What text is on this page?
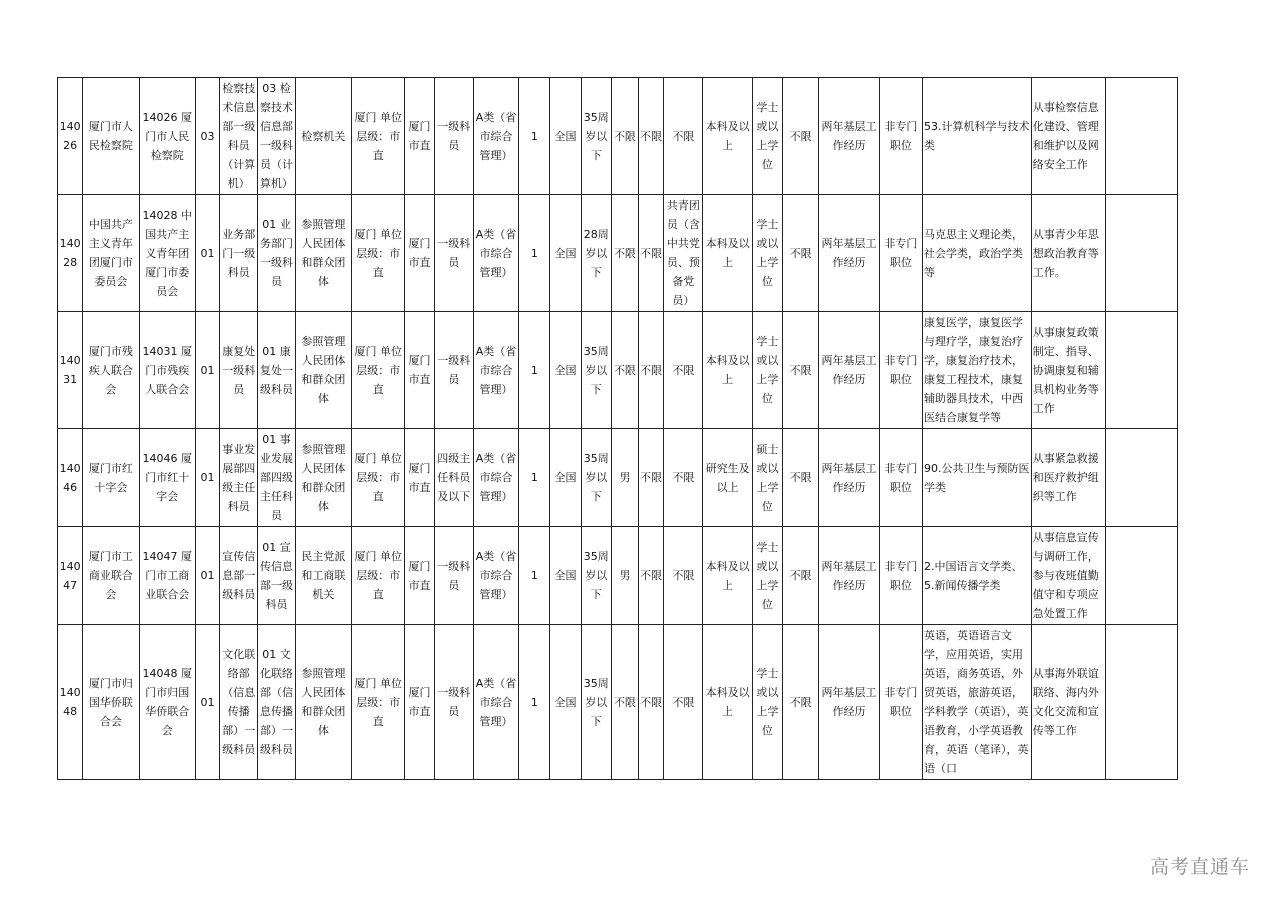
14026	厦门市人民检察院	14026 厦门市人民检察院	03	检察技术信息部一级科员（计算机）	03 检察技术信息部一级科员（计算机）	检察机关	厦门 单位层级：市直	厦门市直	一级科员	A类（省市综合管理）	1	全国	35周岁以下	不限	不限	不限	本科及以上	学士或以上学位	不限	两年基层工作经历	非专门职位	53.计算机科学与技术类	从事检察信息化建设、管理和维护以及网络安全工作	
14028	中国共产主义青年团厦门市委员会	14028 中国共产主义青年团厦门市委员会	01	业务部门一级科员	01 业务部门一级科员	参照管理人民团体和群众团体	厦门 单位层级：市直	厦门市直	一级科员	A类（省市综合管理）	1	全国	28周岁以下	不限	不限	共青团员（含中共党员、预备党员）	本科及以上	学士或以上学位	不限	两年基层工作经历	非专门职位	马克思主义理论类，社会学类，政治学类等	从事青少年思想政治教育等工作。	
14031	厦门市残疾人联合会	14031 厦门市残疾人联合会	01	康复处一级科员	01 康复处一级科员	参照管理人民团体和群众团体	厦门 单位层级：市直	厦门市直	一级科员	A类（省市综合管理）	1	全国	35周岁以下	不限	不限	不限	本科及以上	学士或以上学位	不限	两年基层工作经历	非专门职位	康复医学，康复医学与理疗学，康复治疗学，康复治疗技术，康复工程技术，康复辅助器具技术，中西医结合康复学等	从事康复政策制定、指导、协调康复和辅具机构业务等工作	
14046	厦门市红十字会	14046 厦门市红十字会	01	事业发展部四级主任科员	01 事业发展部四级主任科员	参照管理人民团体和群众团体	厦门 单位层级：市直	厦门市直	四级主任科员及以下	A类（省市综合管理）	1	全国	35周岁以下	男	不限	不限	研究生及以上	硕士或以上学位	不限	两年基层工作经历	非专门职位	90.公共卫生与预防医学类	从事紧急救援和医疗救护组织等工作	
14047	厦门市工商业联合会	14047 厦门市工商业联合会	01	宣传信息部一级科员	01 宣传信息部一级科员	民主党派和工商联机关	厦门 单位层级：市直	厦门市直	一级科员	A类（省市综合管理）	1	全国	35周岁以下	男	不限	不限	本科及以上	学士或以上学位	不限	两年基层工作经历	非专门职位	2.中国语言文学类、5.新闻传播学类	从事信息宣传与调研工作，参与夜班值勤值守和专项应急处置工作	
14048	厦门市归国华侨联合会	14048 厦门市归国华侨联合会	01	文化联络部（信息传播部）一级科员	01 文化联络部（信息传播部）一级科员	参照管理人民团体和群众团体	厦门 单位层级：市直	厦门市直	一级科员	A类（省市综合管理）	1	全国	35周岁以下	不限	不限	不限	本科及以上	学士或以上学位	不限	两年基层工作经历	非专门职位	英语，英语语言文学，应用英语，实用英语，商务英语，外贸英语，旅游英语，学科教学（英语），英语教育，小学英语教育，英语（笔译），英语（口	从事海外联谊联络、海内外文化交流和宣传等工作	
高考直通车
